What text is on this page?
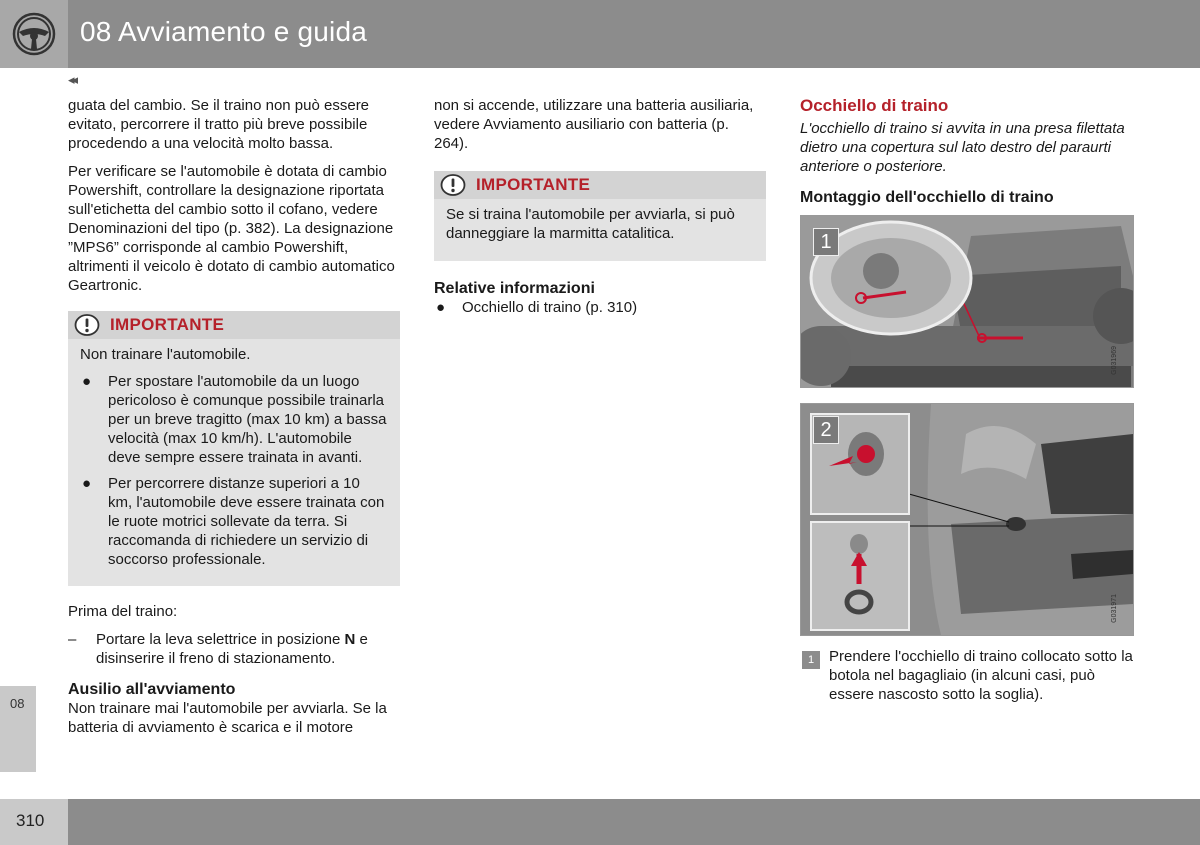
08 Avviamento e guida
◂◂

guata del cambio. Se il traino non può essere evitato, percorrere il tratto più breve possibile procedendo a una velocità molto bassa.

Per verificare se l'automobile è dotata di cambio Powershift, controllare la designazione riportata sull'etichetta del cambio sotto il cofano, vedere Denominazioni del tipo (p. 382). La designazione ”MPS6” corrisponde al cambio Powershift, altrimenti il veicolo è dotato di cambio automatico Geartronic.

IMPORTANTE

Non trainare l'automobile.

● Per spostare l'automobile da un luogo pericoloso è comunque possibile trainarla per un breve tragitto (max 10 km) a bassa velocità (max 10 km/h). L'automobile deve sempre essere trainata in avanti.
● Per percorrere distanze superiori a 10 km, l'automobile deve essere trainata con le ruote motrici sollevate da terra. Si raccomanda di richiedere un servizio di soccorso professionale.

Prima del traino:

– Portare la leva selettrice in posizione N e disinserire il freno di stazionamento.
Ausilio all'avviamento

Non trainare mai l'automobile per avviarla. Se la batteria di avviamento è scarica e il motore

non si accende, utilizzare una batteria ausiliaria, vedere Avviamento ausiliario con batteria (p. 264).

IMPORTANTE

Se si traina l'automobile per avviarla, si può danneggiare la marmitta catalitica.

Relative informazioni
● Occhiello di traino (p. 310)
Occhiello di traino

L'occhiello di traino si avvita in una presa filettata dietro una copertura sul lato destro del paraurti anteriore o posteriore.

Montaggio dell'occhiello di traino
1
G031969
2
G031971
1 Prendere l'occhiello di traino collocato sotto la botola nel bagagliaio (in alcuni casi, può essere nascosto sotto la soglia).
08
310
